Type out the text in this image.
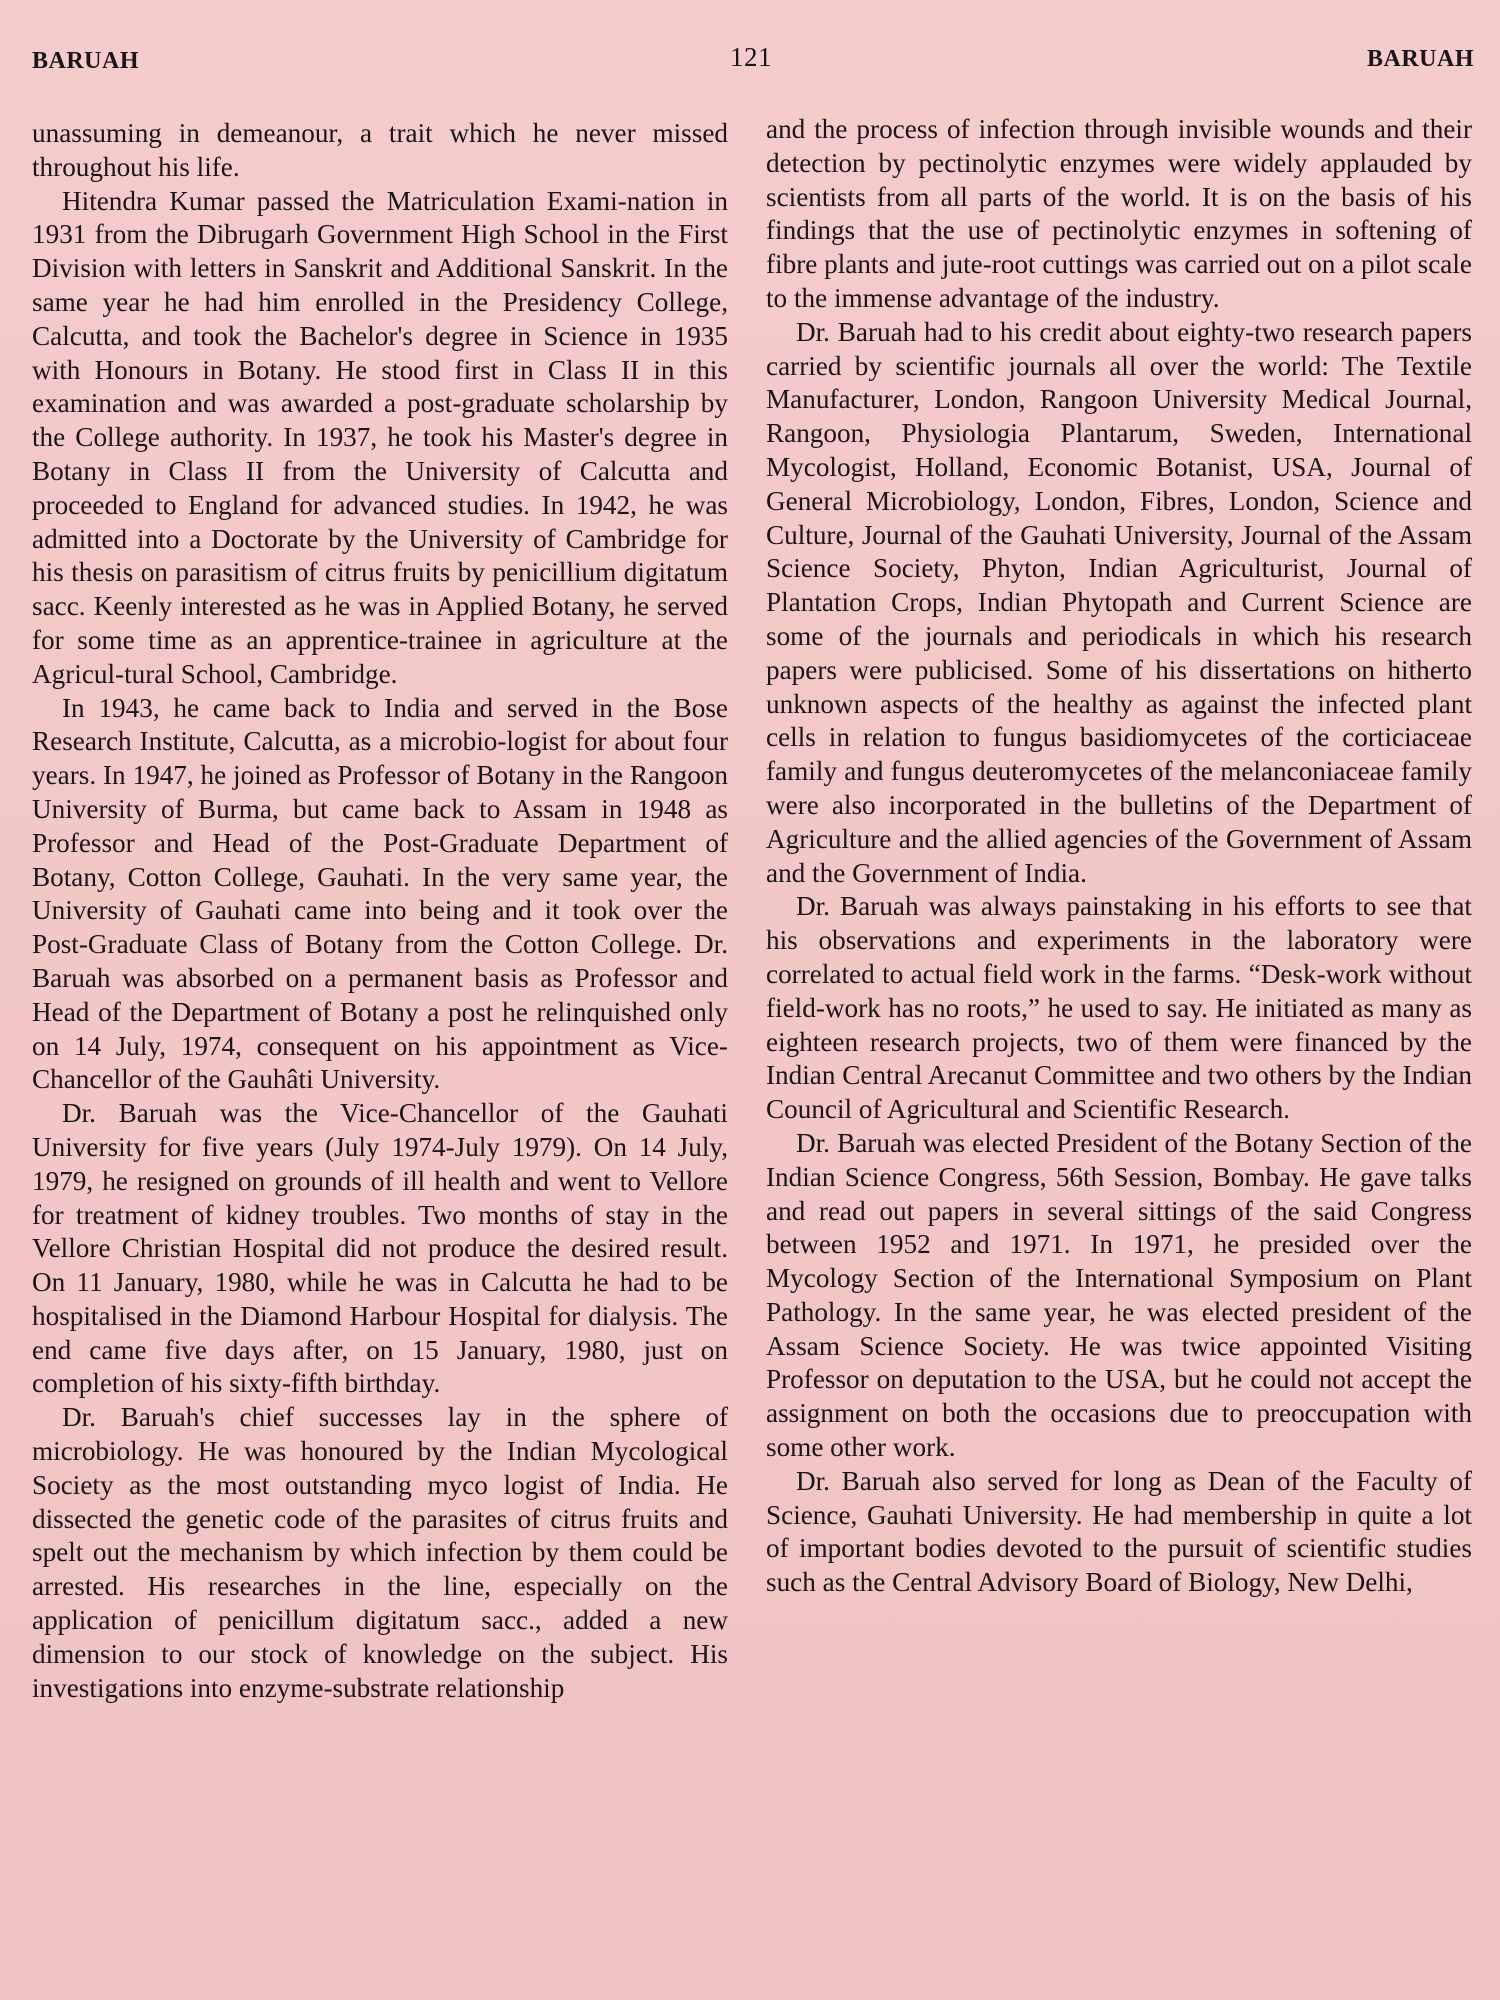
BARUAH	121	BARUAH

unassuming in demeanour, a trait which he never missed throughout his life.

Hitendra Kumar passed the Matriculation Exami-nation in 1931 from the Dibrugarh Government High School in the First Division with letters in Sanskrit and Additional Sanskrit. In the same year he had him enrolled in the Presidency College, Calcutta, and took the Bachelor's degree in Science in 1935 with Honours in Botany. He stood first in Class II in this examination and was awarded a post-graduate scholarship by the College authority. In 1937, he took his Master's degree in Botany in Class II from the University of Calcutta and proceeded to England for advanced studies. In 1942, he was admitted into a Doctorate by the University of Cambridge for his thesis on parasitism of citrus fruits by penicillium digitatum sacc. Keenly interested as he was in Applied Botany, he served for some time as an apprentice-trainee in agriculture at the Agricul-tural School, Cambridge.

In 1943, he came back to India and served in the Bose Research Institute, Calcutta, as a microbio-logist for about four years. In 1947, he joined as Professor of Botany in the Rangoon University of Burma, but came back to Assam in 1948 as Professor and Head of the Post-Graduate Department of Botany, Cotton College, Gauhati. In the very same year, the University of Gauhati came into being and it took over the Post-Graduate Class of Botany from the Cotton College. Dr. Baruah was absorbed on a permanent basis as Professor and Head of the Department of Botany a post he relinquished only on 14 July, 1974, consequent on his appointment as Vice-Chancellor of the Gauhâti University.

Dr. Baruah was the Vice-Chancellor of the Gauhati University for five years (July 1974-July 1979). On 14 July, 1979, he resigned on grounds of ill health and went to Vellore for treatment of kidney troubles. Two months of stay in the Vellore Christian Hospital did not produce the desired result. On 11 January, 1980, while he was in Calcutta he had to be hospitalised in the Diamond Harbour Hospital for dialysis. The end came five days after, on 15 January, 1980, just on completion of his sixty-fifth birthday.

Dr. Baruah's chief successes lay in the sphere of microbiology. He was honoured by the Indian Mycological Society as the most outstanding myco logist of India. He dissected the genetic code of the parasites of citrus fruits and spelt out the mechanism by which infection by them could be arrested. His researches in the line, especially on the application of penicillum digitatum sacc., added a new dimension to our stock of knowledge on the subject. His investigations into enzyme-substrate relationship

and the process of infection through invisible wounds and their detection by pectinolytic enzymes were widely applauded by scientists from all parts of the world. It is on the basis of his findings that the use of pectinolytic enzymes in softening of fibre plants and jute-root cuttings was carried out on a pilot scale to the immense advantage of the industry.

Dr. Baruah had to his credit about eighty-two research papers carried by scientific journals all over the world: The Textile Manufacturer, London, Rangoon University Medical Journal, Rangoon, Physiologia Plantarum, Sweden, International Mycologist, Holland, Economic Botanist, USA, Journal of General Microbiology, London, Fibres, London, Science and Culture, Journal of the Gauhati University, Journal of the Assam Science Society, Phyton, Indian Agriculturist, Journal of Plantation Crops, Indian Phytopath and Current Science are some of the journals and periodicals in which his research papers were publicised. Some of his dissertations on hitherto unknown aspects of the healthy as against the infected plant cells in relation to fungus basidiomycetes of the corticiaceae family and fungus deuteromycetes of the melanconiaceae family were also incorporated in the bulletins of the Department of Agriculture and the allied agencies of the Government of Assam and the Government of India.

Dr. Baruah was always painstaking in his efforts to see that his observations and experiments in the laboratory were correlated to actual field work in the farms. “Desk-work without field-work has no roots,” he used to say. He initiated as many as eighteen research projects, two of them were financed by the Indian Central Arecanut Committee and two others by the Indian Council of Agricultural and Scientific Research.

Dr. Baruah was elected President of the Botany Section of the Indian Science Congress, 56th Session, Bombay. He gave talks and read out papers in several sittings of the said Congress between 1952 and 1971. In 1971, he presided over the Mycology Section of the International Symposium on Plant Pathology. In the same year, he was elected president of the Assam Science Society. He was twice appointed Visiting Professor on deputation to the USA, but he could not accept the assignment on both the occasions due to preoccupation with some other work.

Dr. Baruah also served for long as Dean of the Faculty of Science, Gauhati University. He had membership in quite a lot of important bodies devoted to the pursuit of scientific studies such as the Central Advisory Board of Biology, New Delhi,
